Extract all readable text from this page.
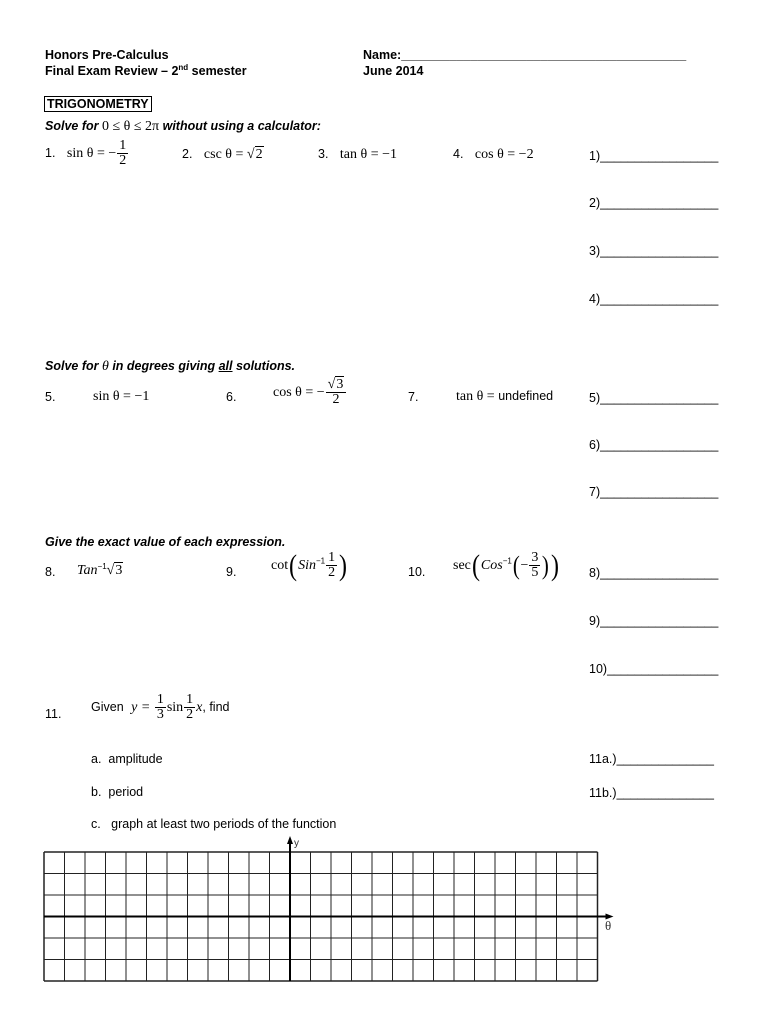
Honors Pre-Calculus
Final Exam Review – 2nd semester
Name:_________________________________________
June 2014
TRIGONOMETRY
Solve for 0 ≤ θ ≤ 2π without using a calculator:
1. sin θ = − $\frac{1}{2}$	2. csc θ = √2	3. tan θ = −1	4. cos θ = −2	1)_________________
2)_________________
3)_________________
4)_________________
Solve for θ in degrees giving all solutions.
5.	sin θ = −1	6.	cos θ = − $\frac{√3}{2}$	7.	tan θ = undefined	5)_________________
6)_________________
7)_________________
Give the exact value of each expression.
8. Tan$^{-1}$√3	9. $\cot(Sin^{-1} \frac{1}{2}$ )	10. $\sec(Cos^{-1}(- \frac{3}{5}$ )) 8)_________________
9)_________________
10)________________
11.
Given $y = \frac{1}{3}$ $\sin \frac{1}{2} x$, find
a. amplitude
b. period
c. graph at least two periods of the function
11a.)______________
11b.)______________
y
θ
